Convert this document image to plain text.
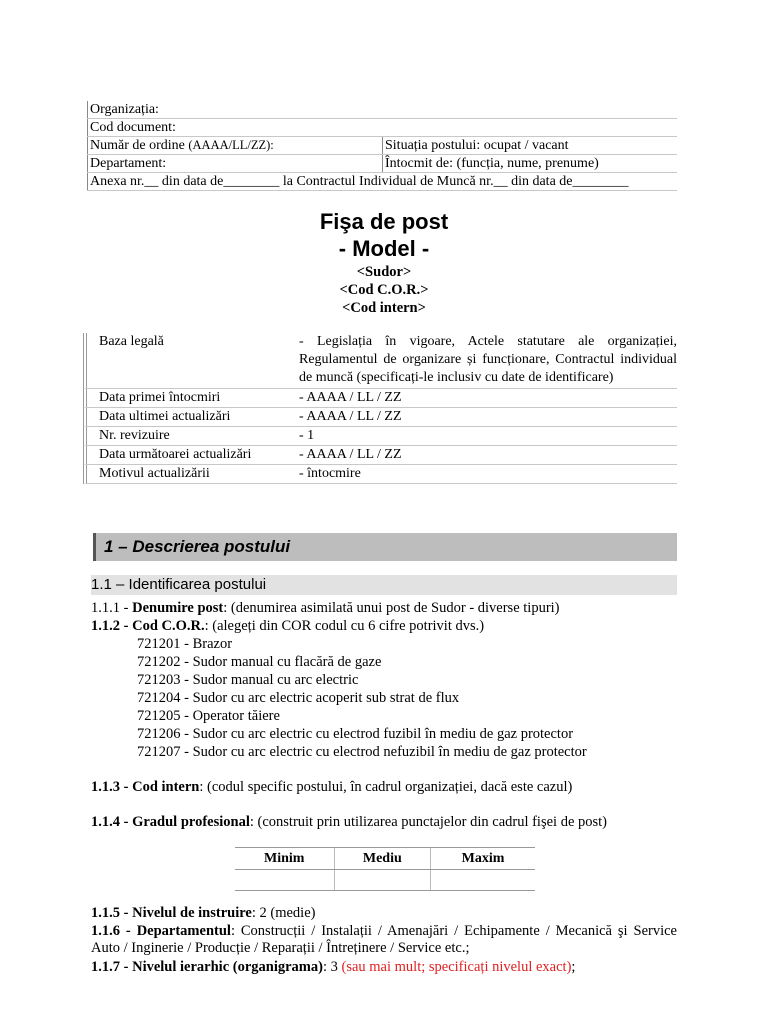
Organizația:	
Cod document:	
Număr de ordine (AAAA/LL/ZZ):	Situația postului: ocupat / vacant
Departament:	Întocmit de: (funcția, nume, prenume)
Anexa nr.__ din data de________ la Contractul Individual de Muncă nr.__ din data de________	
Fişa de post
- Model -
<Sudor>
<Cod C.O.R.>
<Cod intern>
Baza legală	- Legislația în vigoare, Actele statutare ale organizației, Regulamentul de organizare și funcționare, Contractul individual de muncă (specificați-le inclusiv cu date de identificare)
Data primei întocmiri	- AAAA / LL / ZZ
Data ultimei actualizări	- AAAA / LL / ZZ
Nr. revizuire	- 1
Data următoarei actualizări	- AAAA / LL / ZZ
Motivul actualizării	- întocmire
1 – Descrierea postului
1.1 – Identificarea postului
1.1.1 - Denumire post: (denumirea asimilată unui post de Sudor - diverse tipuri)
1.1.2 - Cod C.O.R.: (alegeți din COR codul cu 6 cifre potrivit dvs.)
721201 - Brazor
721202 - Sudor manual cu flacără de gaze
721203 - Sudor manual cu arc electric
721204 - Sudor cu arc electric acoperit sub strat de flux
721205 - Operator tăiere
721206 - Sudor cu arc electric cu electrod fuzibil în mediu de gaz protector
721207 - Sudor cu arc electric cu electrod nefuzibil în mediu de gaz protector
1.1.3 - Cod intern: (codul specific postului, în cadrul organizației, dacă este cazul)
1.1.4 - Gradul profesional: (construit prin utilizarea punctajelor din cadrul fişei de post)
Minim	Mediu	Maxim

1.1.5 - Nivelul de instruire: 2 (medie)
1.1.6 - Departamentul: Construcții / Instalații / Amenajări / Echipamente / Mecanică şi Service Auto / Inginerie / Producție / Reparații / Întreținere / Service etc.;
1.1.7 - Nivelul ierarhic (organigrama): 3 (sau mai mult; specificați nivelul exact);
